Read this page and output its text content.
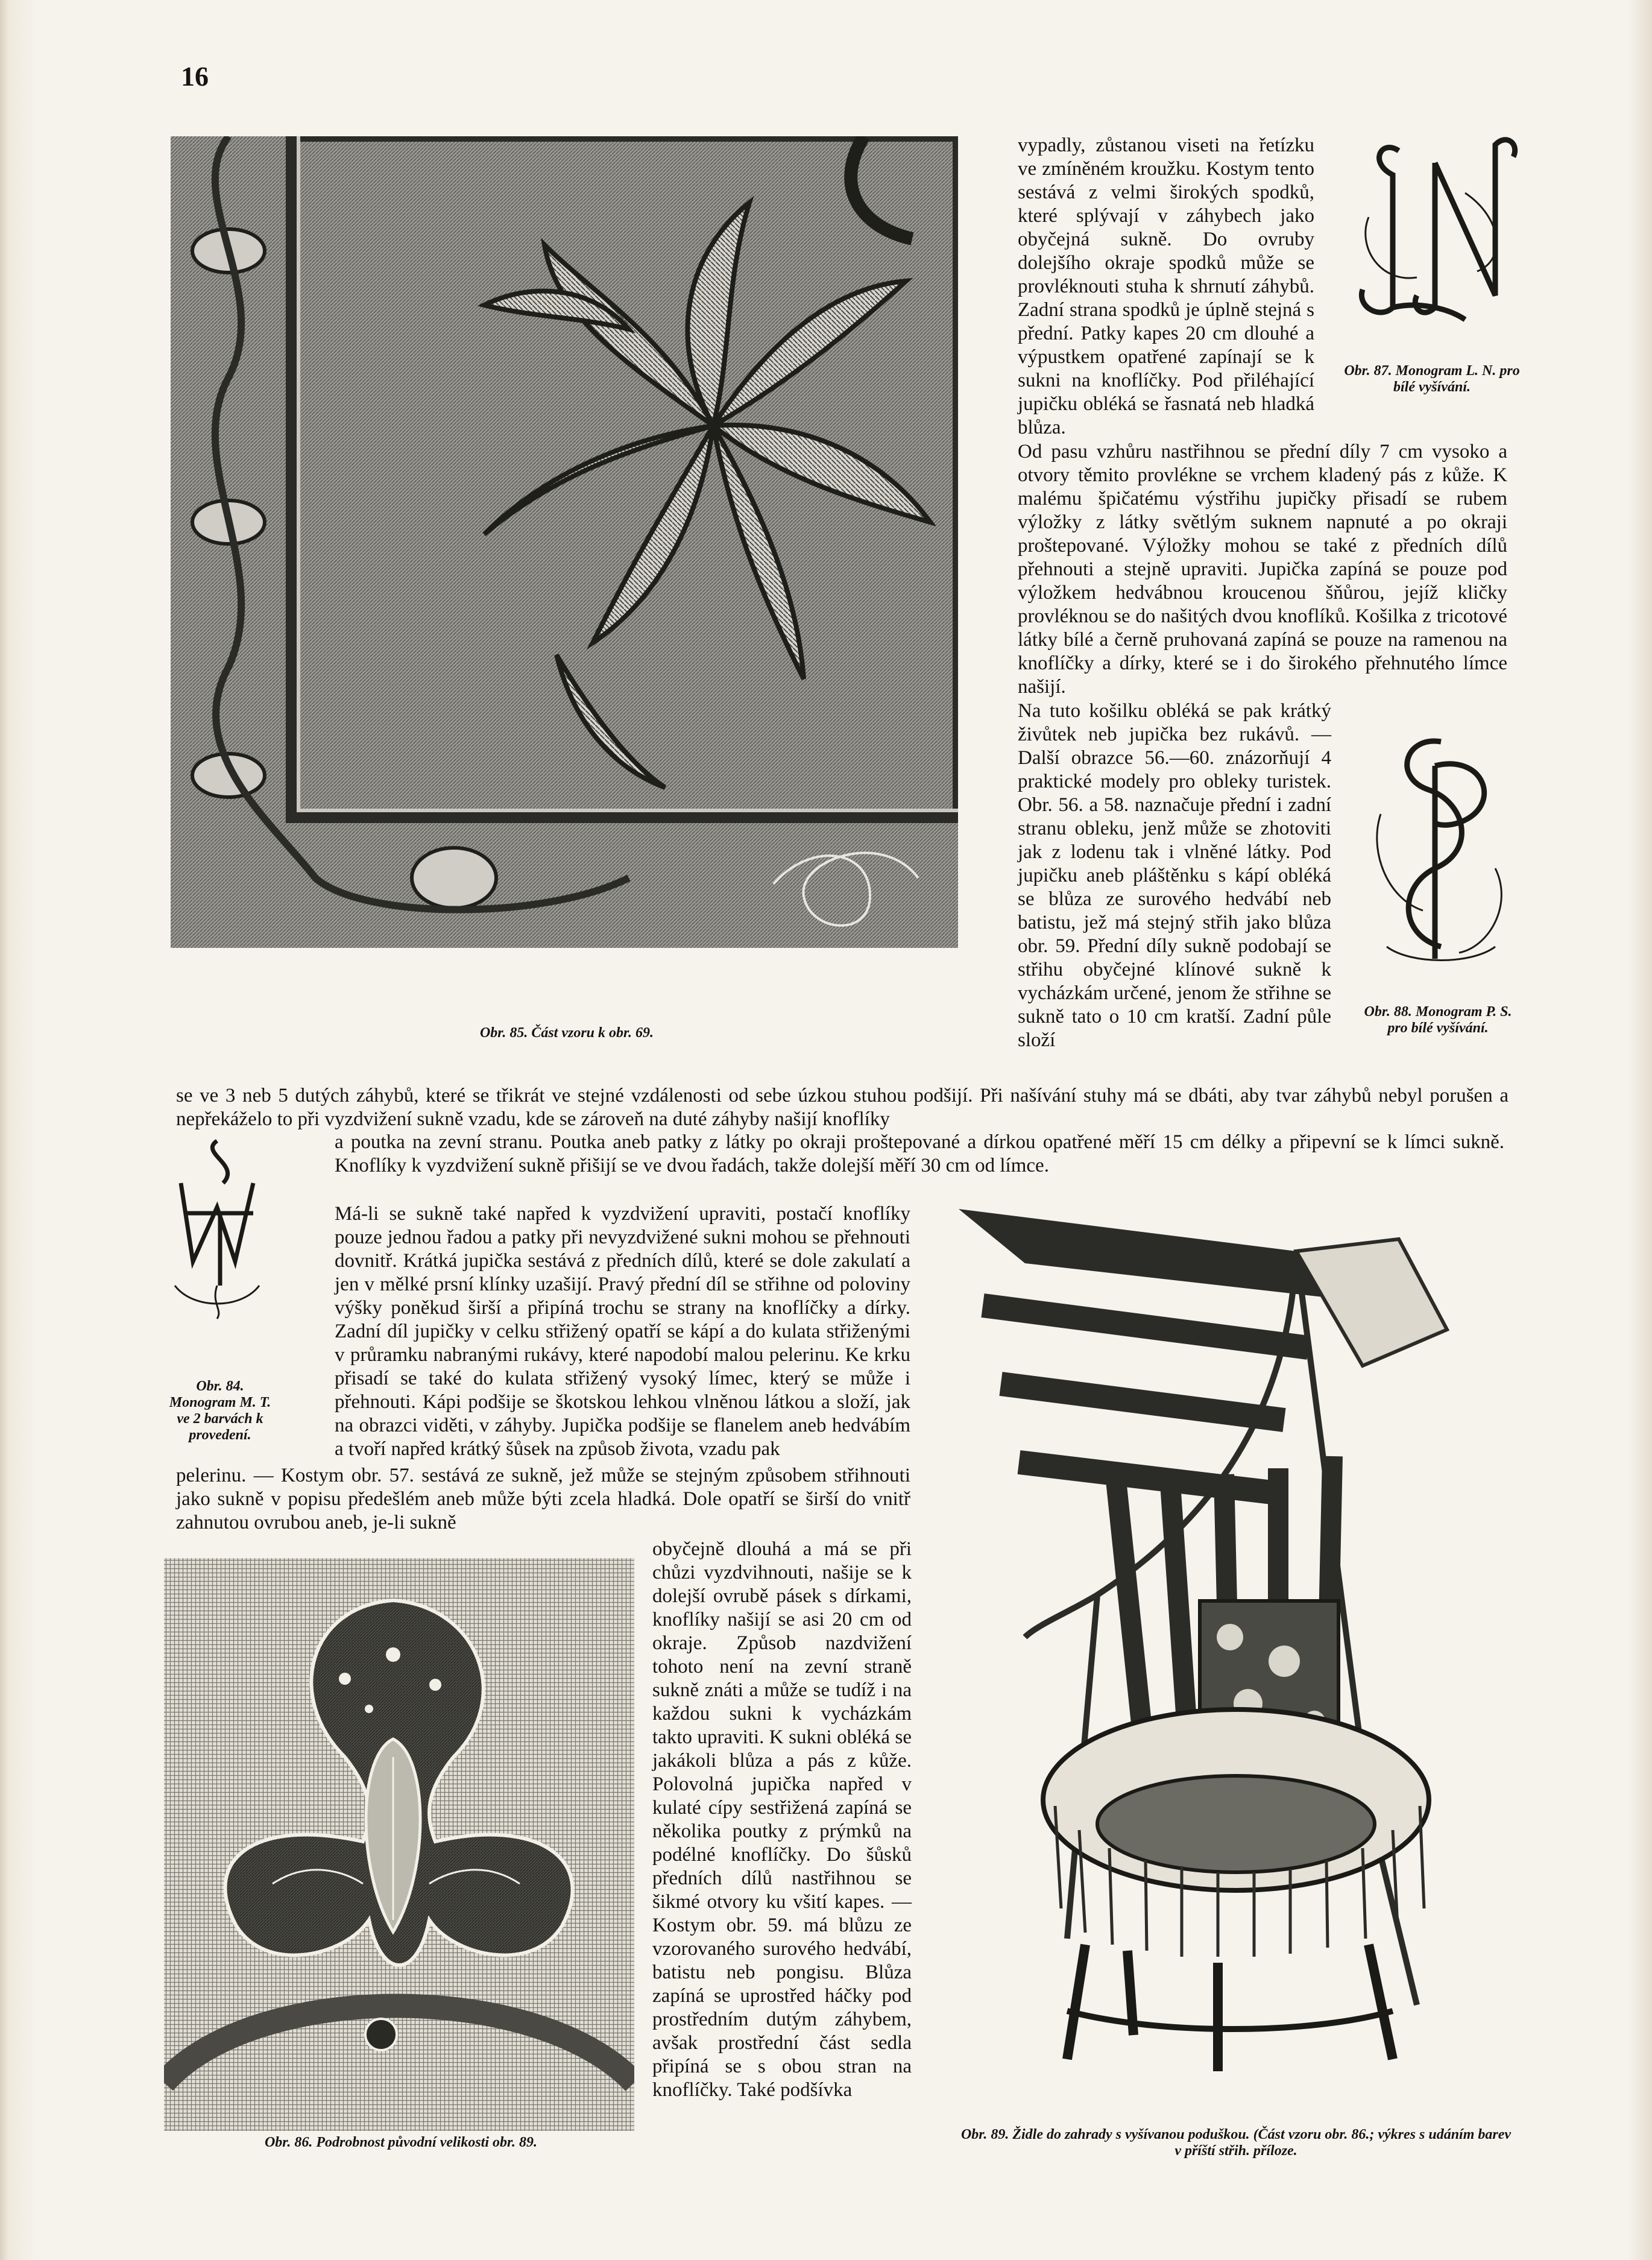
16
Obr. 85. Část vzoru k obr. 69.
vypadly, zůstanou viseti na řetízku ve zmíněném kroužku. Kostym tento sestává z velmi širokých spodků, které splývají v záhybech jako obyčejná sukně. Do ovruby dolejšího okraje spodků může se provléknouti stuha k shrnutí záhybů. Zadní strana spodků je úplně stejná s přední. Patky kapes 20 cm dlouhé a výpustkem opatřené zapínají se k sukni na knoflíčky. Pod přiléhající jupičku obléká se řasnatá neb hladká blůza.
Obr. 87. Monogram L. N. pro bílé vyšívání.
Od pasu vzhůru nastřihnou se přední díly 7 cm vysoko a otvory těmito provlékne se vrchem kladený pás z kůže. K malému špičatému výstřihu jupičky přisadí se rubem výložky z látky světlým suknem napnuté a po okraji proštepované. Výložky mohou se také z předních dílů přehnouti a stejně upraviti. Jupička zapíná se pouze pod výložkem hedvábnou kroucenou šňůrou, jejíž kličky provléknou se do našitých dvou knoflíků. Košilka z tricotové látky bílé a černě pruhovaná zapíná se pouze na ramenou na knoflíčky a dírky, které se i do širokého přehnutého límce našijí.
Na tuto košilku obléká se pak krátký živůtek neb jupička bez rukávů. — Další obrazce 56.—60. znázorňují 4 praktické modely pro obleky turistek. Obr. 56. a 58. naznačuje přední i zadní stranu obleku, jenž může se zhotoviti jak z lodenu tak i vlněné látky. Pod jupičku aneb pláštěnku s kápí obléká se blůza ze surového hedvábí neb batistu, jež má stejný střih jako blůza obr. 59. Přední díly sukně podobají se střihu obyčejné klínové sukně k vycházkám určené, jenom že střihne se sukně tato o 10 cm kratší. Zadní půle složí
Obr. 88. Monogram P. S. pro bílé vyšívání.
se ve 3 neb 5 dutých záhybů, které se třikrát ve stejné vzdálenosti od sebe úzkou stuhou podšijí. Při našívání stuhy má se dbáti, aby tvar záhybů nebyl porušen a nepřekáželo to při vyzdvižení sukně vzadu, kde se zároveň na duté záhyby našijí knoflíky
Obr. 84. Monogram M. T. ve 2 barvách k provedení.
a poutka na zevní stranu. Poutka aneb patky z látky po okraji proštepované a dírkou opatřené měří 15 cm délky a připevní se k límci sukně. Knoflíky k vyzdvižení sukně přišijí se ve dvou řadách, takže dolejší měří 30 cm od límce.
Má-li se sukně také napřed k vyzdvižení upraviti, postačí knoflíky pouze jednou řadou a patky při nevyzdvižené sukni mohou se přehnouti dovnitř. Krátká jupička sestává z předních dílů, které se dole zakulatí a jen v mělké prsní klínky uzašijí. Pravý přední díl se střihne od poloviny výšky poněkud širší a připíná trochu se strany na knoflíčky a dírky. Zadní díl jupičky v celku střižený opatří se kápí a do kulata střiženými v průramku nabranými rukávy, které napodobí malou pelerinu. Ke krku přisadí se také do kulata střižený vysoký límec, který se může i přehnouti. Kápi podšije se škotskou lehkou vlněnou látkou a složí, jak na obrazci viděti, v záhyby. Jupička podšije se flanelem aneb hedvábím a tvoří napřed krátký šůsek na způsob života, vzadu pak
Obr. 89. Židle do zahrady s vyšívanou poduškou. (Část vzoru obr. 86.; výkres s udáním barev v příští střih. příloze.
pelerinu. — Kostym obr. 57. sestává ze sukně, jež může se stejným způsobem střihnouti jako sukně v popisu předešlém aneb může býti zcela hladká. Dole opatří se širší do vnitř zahnutou ovrubou aneb, je-li sukně
Obr. 86. Podrobnost původní velikosti obr. 89.
obyčejně dlouhá a má se při chůzi vyzdvihnouti, našije se k dolejší ovrubě pásek s dírkami, knoflíky našijí se asi 20 cm od okraje. Způsob nazdvižení tohoto není na zevní straně sukně znáti a může se tudíž i na každou sukni k vycházkám takto upraviti. K sukni obléká se jakákoli blůza a pás z kůže. Polovolná jupička napřed v kulaté cípy sestřižená zapíná se několika poutky z prýmků na podélné knoflíčky. Do šůsků předních dílů nastřihnou se šikmé otvory ku všití kapes. — Kostym obr. 59. má blůzu ze vzorovaného surového hedvábí, batistu neb pongisu. Blůza zapíná se uprostřed háčky pod prostředním dutým záhybem, avšak prostřední část sedla připíná se s obou stran na knoflíčky. Také podšívka
